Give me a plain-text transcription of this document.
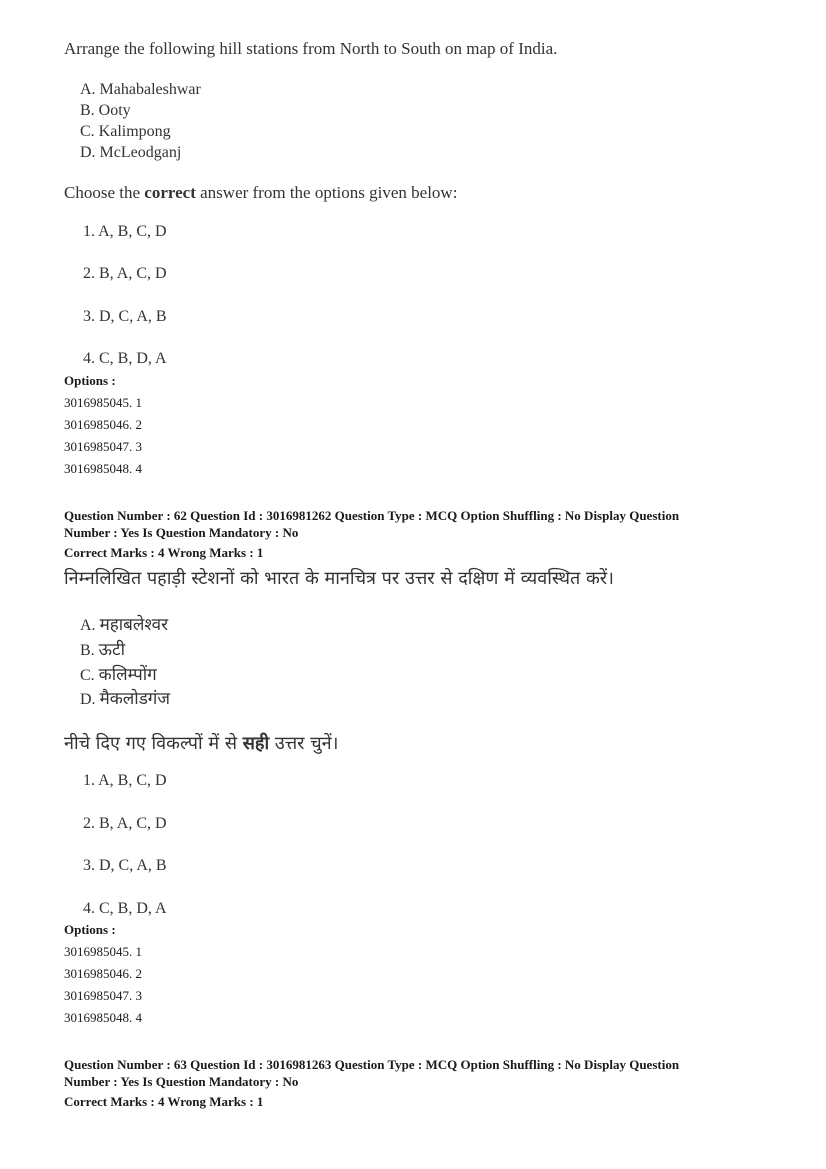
Arrange the following hill stations from North to South on map of India.
A. Mahabaleshwar
B. Ooty
C. Kalimpong
D. McLeodganj
Choose the correct answer from the options given below:
1. A, B, C, D
2. B, A, C, D
3. D, C, A, B
4. C, B, D, A
Options :
3016985045. 1
3016985046. 2
3016985047. 3
3016985048. 4
Question Number : 62 Question Id : 3016981262 Question Type : MCQ Option Shuffling : No Display Question
Number : Yes Is Question Mandatory : No
Correct Marks : 4 Wrong Marks : 1
निम्नलिखित पहाड़ी स्टेशनों को भारत के मानचित्र पर उत्तर से दक्षिण में व्यवस्थित करें।
A. महाबलेश्वर
B. ऊटी
C. कलिम्पोंग
D. मैकलोडगंज
नीचे दिए गए विकल्पों में से सही उत्तर चुनें।
1. A, B, C, D
2. B, A, C, D
3. D, C, A, B
4. C, B, D, A
Options :
3016985045. 1
3016985046. 2
3016985047. 3
3016985048. 4
Question Number : 63 Question Id : 3016981263 Question Type : MCQ Option Shuffling : No Display Question
Number : Yes Is Question Mandatory : No
Correct Marks : 4 Wrong Marks : 1
